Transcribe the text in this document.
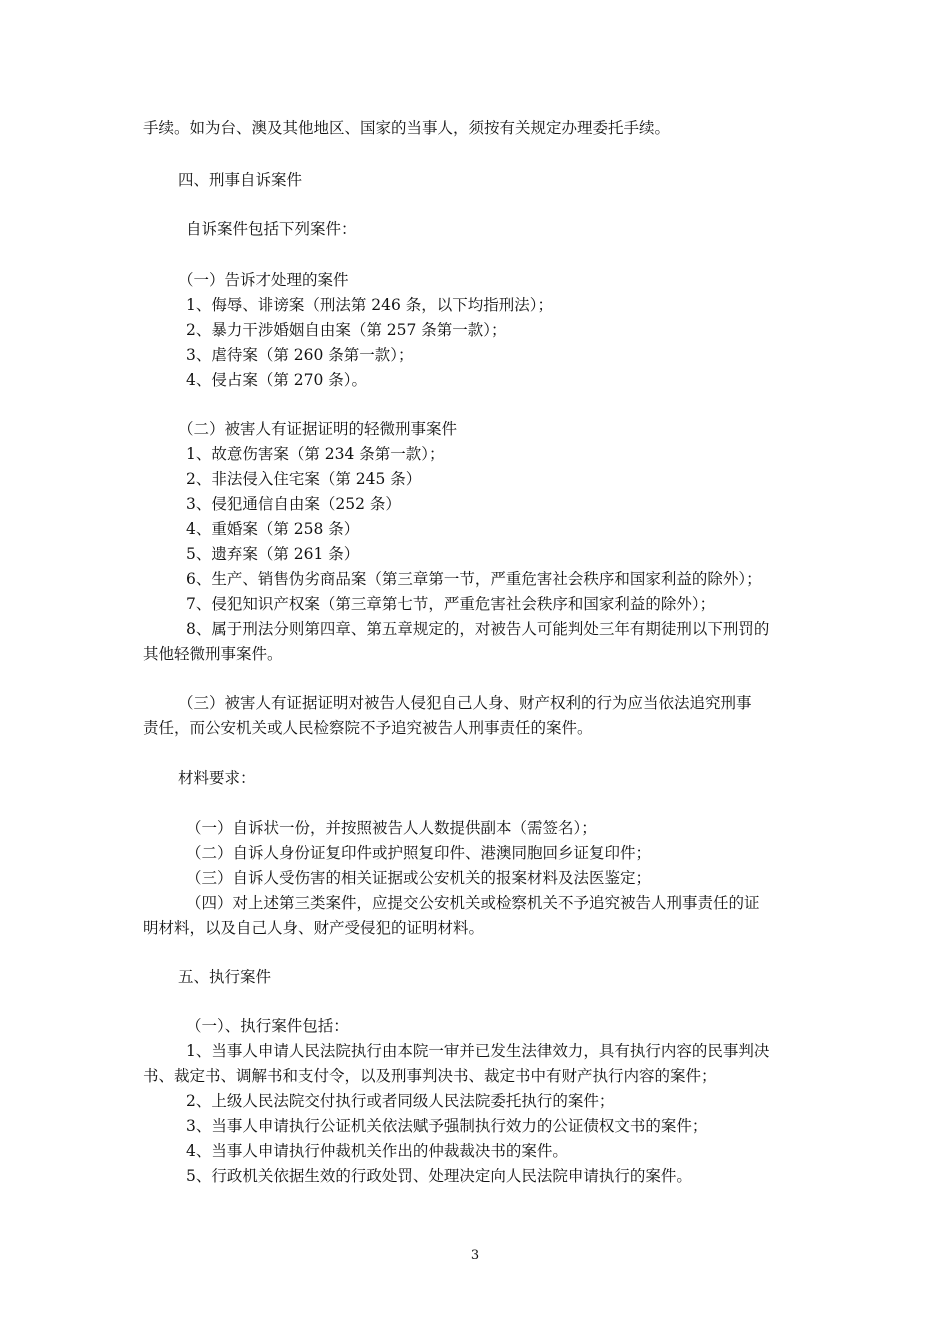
手续。如为台、澳及其他地区、国家的当事人，须按有关规定办理委托手续。
四、刑事自诉案件
自诉案件包括下列案件：
（一）告诉才处理的案件
1、侮辱、诽谤案（刑法第 246 条，以下均指刑法）；
2、暴力干涉婚姻自由案（第 257 条第一款）；
3、虐待案（第 260 条第一款）；
4、侵占案（第 270 条）。
（二）被害人有证据证明的轻微刑事案件
1、故意伤害案（第 234 条第一款）；
2、非法侵入住宅案（第 245 条）
3、侵犯通信自由案（252 条）
4、重婚案（第 258 条）
5、遗弃案（第 261 条）
6、生产、销售伪劣商品案（第三章第一节，严重危害社会秩序和国家利益的除外）；
7、侵犯知识产权案（第三章第七节，严重危害社会秩序和国家利益的除外）；
8、属于刑法分则第四章、第五章规定的，对被告人可能判处三年有期徒刑以下刑罚的
其他轻微刑事案件。
（三）被害人有证据证明对被告人侵犯自己人身、财产权利的行为应当依法追究刑事
责任，而公安机关或人民检察院不予追究被告人刑事责任的案件。
材料要求：
（一）自诉状一份，并按照被告人人数提供副本（需签名）；
（二）自诉人身份证复印件或护照复印件、港澳同胞回乡证复印件；
（三）自诉人受伤害的相关证据或公安机关的报案材料及法医鉴定；
（四）对上述第三类案件，应提交公安机关或检察机关不予追究被告人刑事责任的证
明材料，以及自己人身、财产受侵犯的证明材料。
五、执行案件
（一）、执行案件包括：
1、当事人申请人民法院执行由本院一审并已发生法律效力，具有执行内容的民事判决
书、裁定书、调解书和支付令，以及刑事判决书、裁定书中有财产执行内容的案件；
2、上级人民法院交付执行或者同级人民法院委托执行的案件；
3、当事人申请执行公证机关依法赋予强制执行效力的公证债权文书的案件；
4、当事人申请执行仲裁机关作出的仲裁裁决书的案件。
5、行政机关依据生效的行政处罚、处理决定向人民法院申请执行的案件。
3
